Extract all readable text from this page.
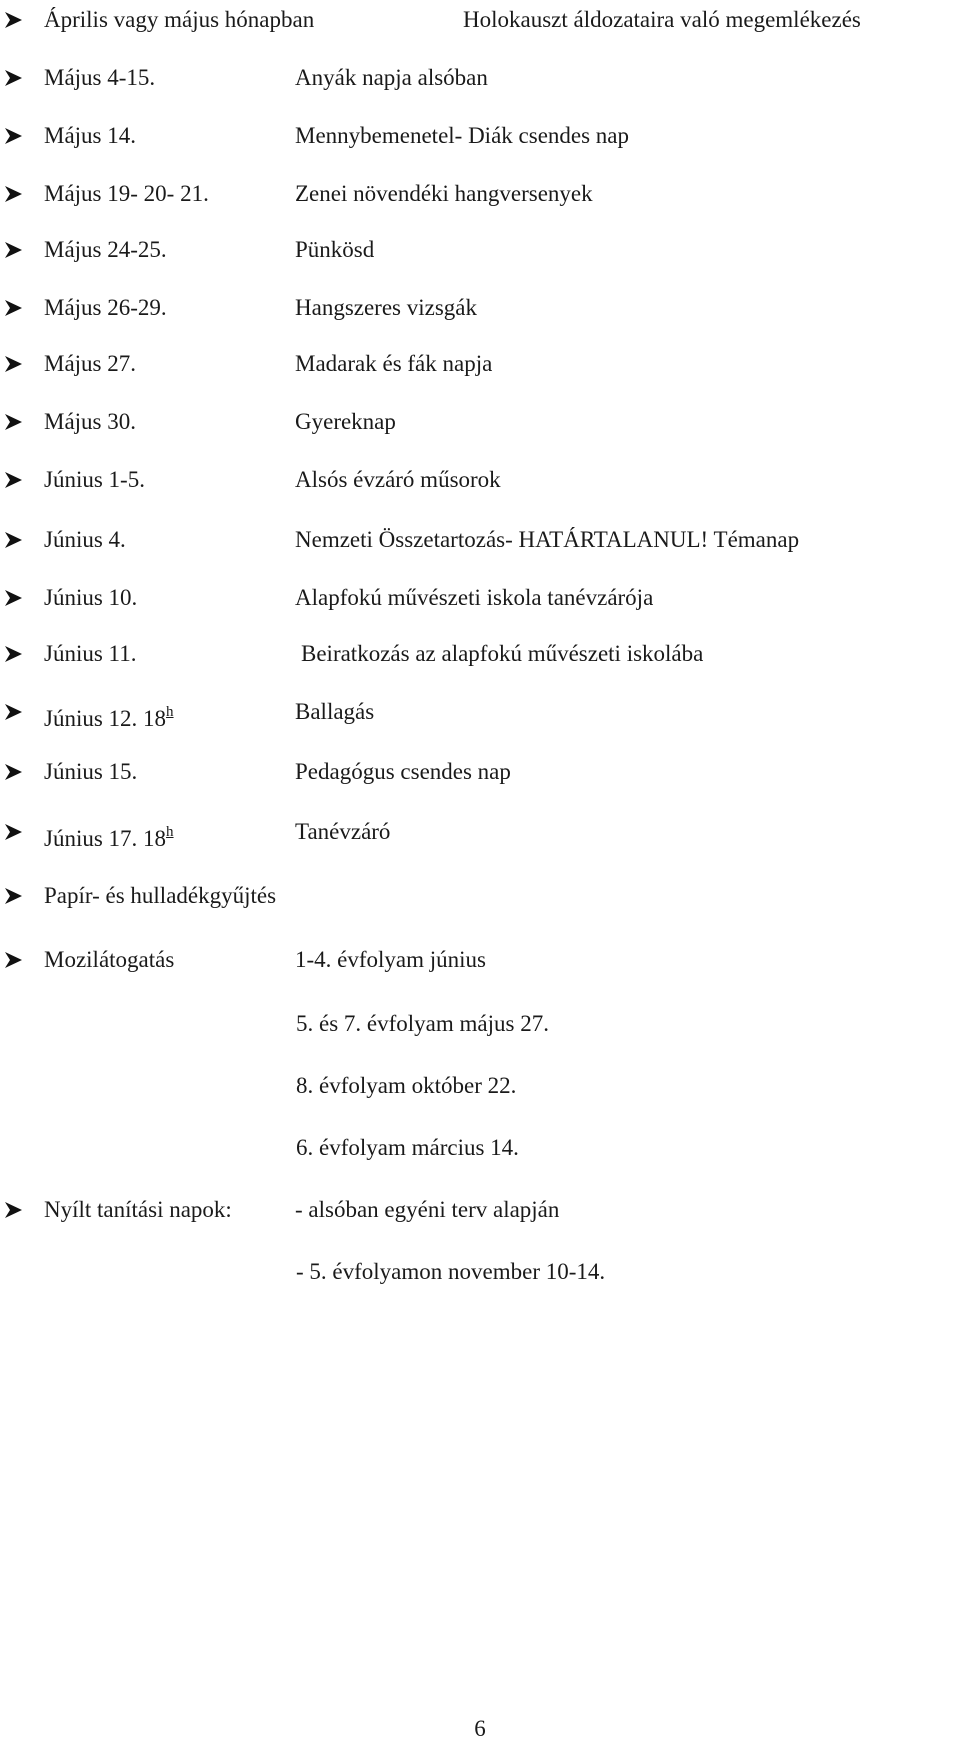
Április vagy május hónapban	Holokauszt áldozataira való megemlékezés
Május 4-15.	Anyák napja alsóban
Május 14.	Mennybemenetel- Diák csendes nap
Május 19- 20- 21.	Zenei növendéki hangversenyek
Május 24-25.	Pünkösd
Május 26-29.	Hangszeres vizsgák
Május 27.	Madarak és fák napja
Május 30.	Gyereknap
Június 1-5.	Alsós évzáró műsorok
Június 4.	Nemzeti Összetartozás- HATÁRTALANUL! Témanap
Június 10.	Alapfokú művészeti iskola tanévzárója
Június 11.	Beiratkozás az alapfokú művészeti iskolába
Június 12. 18$^h$	Ballagás
Június 15.	Pedagógus csendes nap
Június 17. 18$^h$	Tanévzáró
Papír- és hulladékgyűjtés
Mozilátogatás	1-4. évfolyam június
5. és 7. évfolyam május 27.
8. évfolyam október 22.
6. évfolyam március 14.
Nyílt tanítási napok:	- alsóban egyéni terv alapján
- 5. évfolyamon november 10-14.
6
